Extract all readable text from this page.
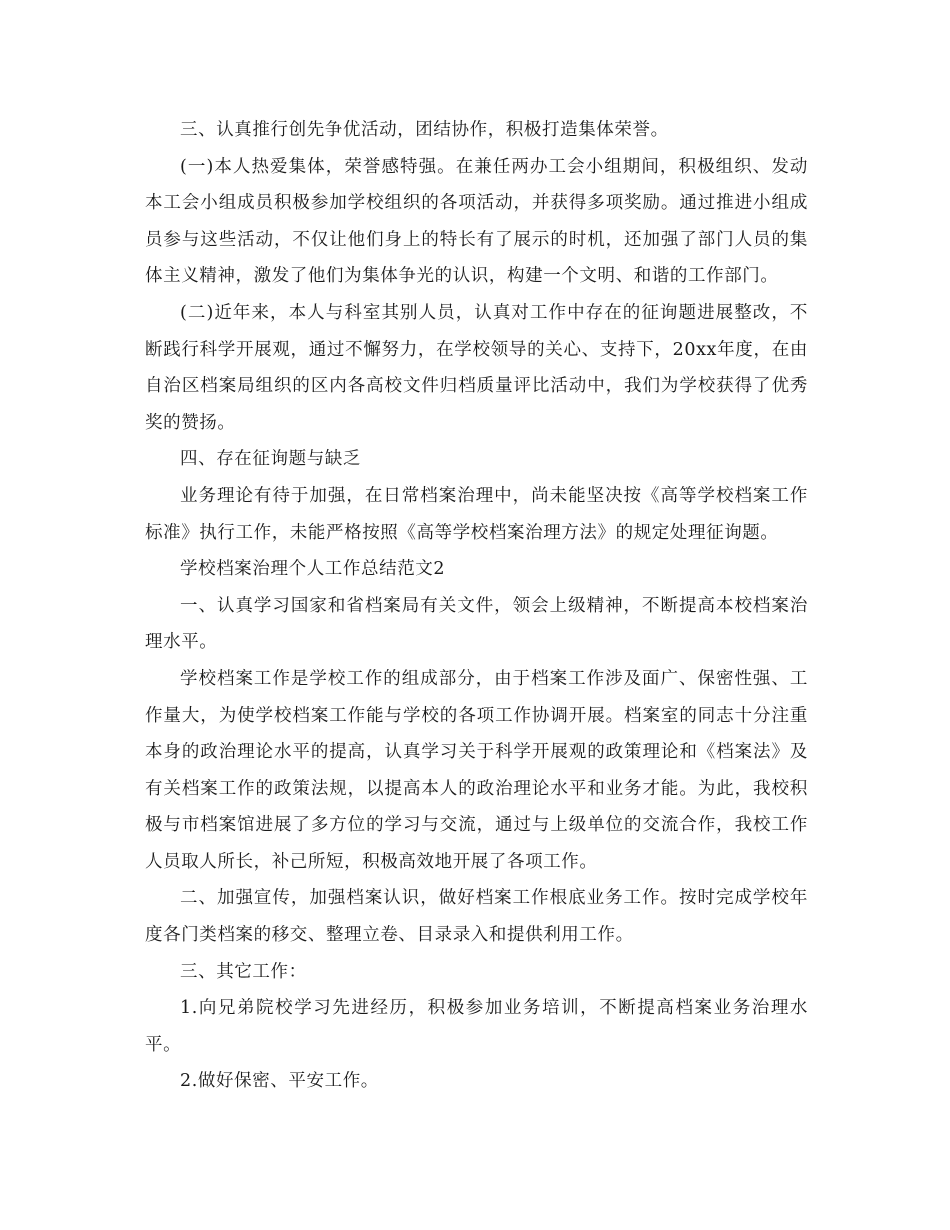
三、认真推行创先争优活动，团结协作，积极打造集体荣誉。

(一)本人热爱集体，荣誉感特强。在兼任两办工会小组期间，积极组织、发动本工会小组成员积极参加学校组织的各项活动，并获得多项奖励。通过推进小组成员参与这些活动，不仅让他们身上的特长有了展示的时机，还加强了部门人员的集体主义精神，激发了他们为集体争光的认识，构建一个文明、和谐的工作部门。

(二)近年来，本人与科室其别人员，认真对工作中存在的征询题进展整改，不断践行科学开展观，通过不懈努力，在学校领导的关心、支持下，20xx年度，在由自治区档案局组织的区内各高校文件归档质量评比活动中，我们为学校获得了优秀奖的赞扬。

四、存在征询题与缺乏

业务理论有待于加强，在日常档案治理中，尚未能坚决按《高等学校档案工作标准》执行工作，未能严格按照《高等学校档案治理方法》的规定处理征询题。

学校档案治理个人工作总结范文2

一、认真学习国家和省档案局有关文件，领会上级精神，不断提高本校档案治理水平。

学校档案工作是学校工作的组成部分，由于档案工作涉及面广、保密性强、工作量大，为使学校档案工作能与学校的各项工作协调开展。档案室的同志十分注重本身的政治理论水平的提高，认真学习关于科学开展观的政策理论和《档案法》及有关档案工作的政策法规，以提高本人的政治理论水平和业务才能。为此，我校积极与市档案馆进展了多方位的学习与交流，通过与上级单位的交流合作，我校工作人员取人所长，补己所短，积极高效地开展了各项工作。

二、加强宣传，加强档案认识，做好档案工作根底业务工作。按时完成学校年度各门类档案的移交、整理立卷、目录录入和提供利用工作。

三、其它工作：

1.向兄弟院校学习先进经历，积极参加业务培训，不断提高档案业务治理水平。

2.做好保密、平安工作。
